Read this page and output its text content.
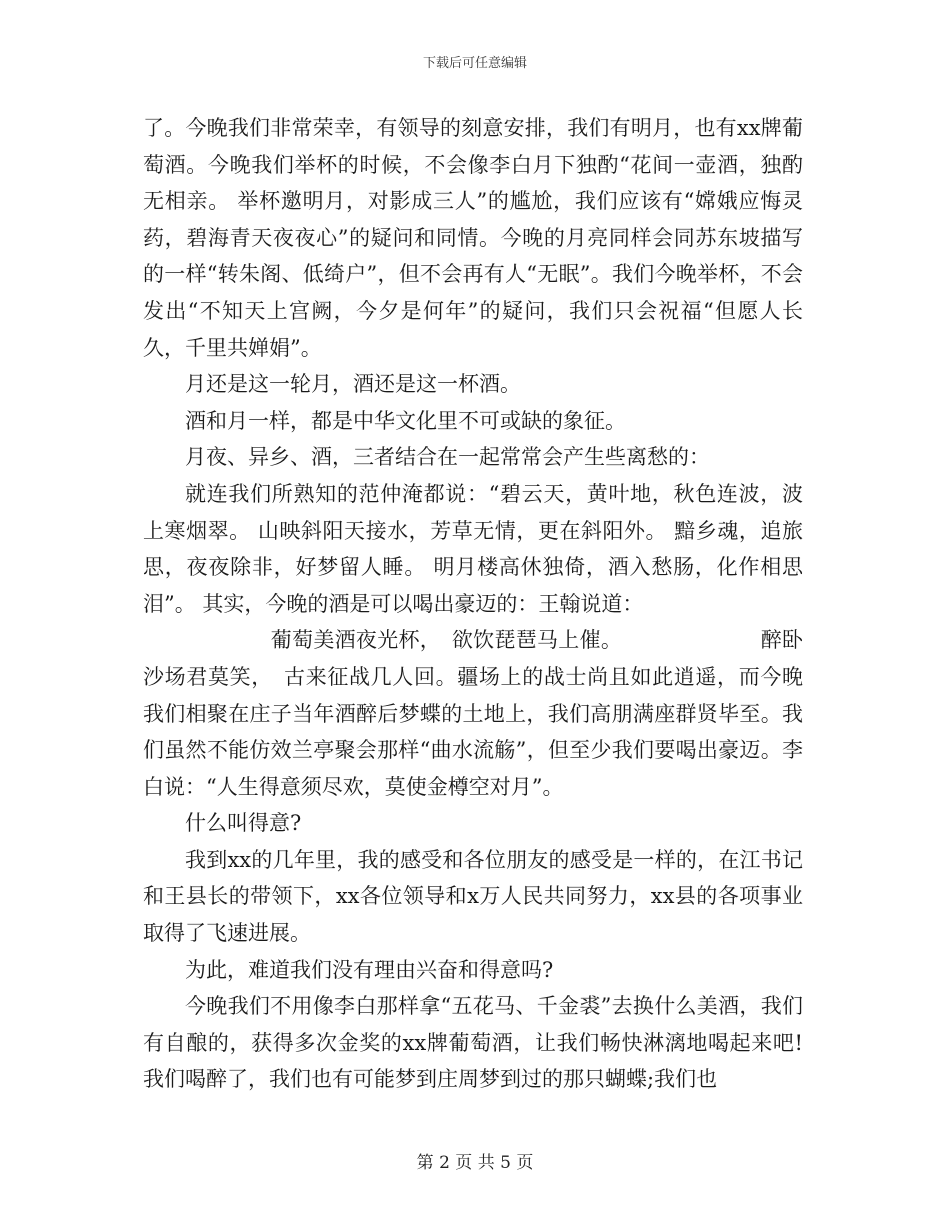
下载后可任意编辑

了。今晚我们非常荣幸，有领导的刻意安排，我们有明月，也有xx牌葡萄酒。今晚我们举杯的时候，不会像李白月下独酌“花间一壶酒，独酌无相亲。 举杯邀明月，对影成三人”的尴尬，我们应该有“嫦娥应悔灵药，碧海青天夜夜心”的疑问和同情。今晚的月亮同样会同苏东坡描写的一样“转朱阁、低绮户”，但不会再有人“无眠”。我们今晚举杯，不会发出“不知天上宫阙，今夕是何年”的疑问，我们只会祝福“但愿人长久，千里共婵娟”。

月还是这一轮月，酒还是这一杯酒。

酒和月一样，都是中华文化里不可或缺的象征。

月夜、异乡、酒，三者结合在一起常常会产生些离愁的：

就连我们所熟知的范仲淹都说：“碧云天，黄叶地，秋色连波，波上寒烟翠。 山映斜阳天接水，芳草无情，更在斜阳外。 黯乡魂，追旅思，夜夜除非，好梦留人睡。 明月楼高休独倚，酒入愁肠，化作相思泪”。 其实，今晚的酒是可以喝出豪迈的：王翰说道：

　　　　　　葡萄美酒夜光杯，　欲饮琵琶马上催。　　　　　　　醉卧沙场君莫笑，　古来征战几人回。疆场上的战士尚且如此逍遥，而今晚我们相聚在庄子当年酒醉后梦蝶的土地上，我们高朋满座群贤毕至。我们虽然不能仿效兰亭聚会那样“曲水流觞”，但至少我们要喝出豪迈。李白说：“人生得意须尽欢，莫使金樽空对月”。

什么叫得意?

我到xx的几年里，我的感受和各位朋友的感受是一样的，在江书记和王县长的带领下，xx各位领导和x万人民共同努力，xx县的各项事业取得了飞速进展。

为此，难道我们没有理由兴奋和得意吗?

今晚我们不用像李白那样拿“五花马、千金裘”去换什么美酒，我们有自酿的，获得多次金奖的xx牌葡萄酒，让我们畅快淋漓地喝起来吧!我们喝醉了，我们也有可能梦到庄周梦到过的那只蝴蝶;我们也

第 2 页 共 5 页
